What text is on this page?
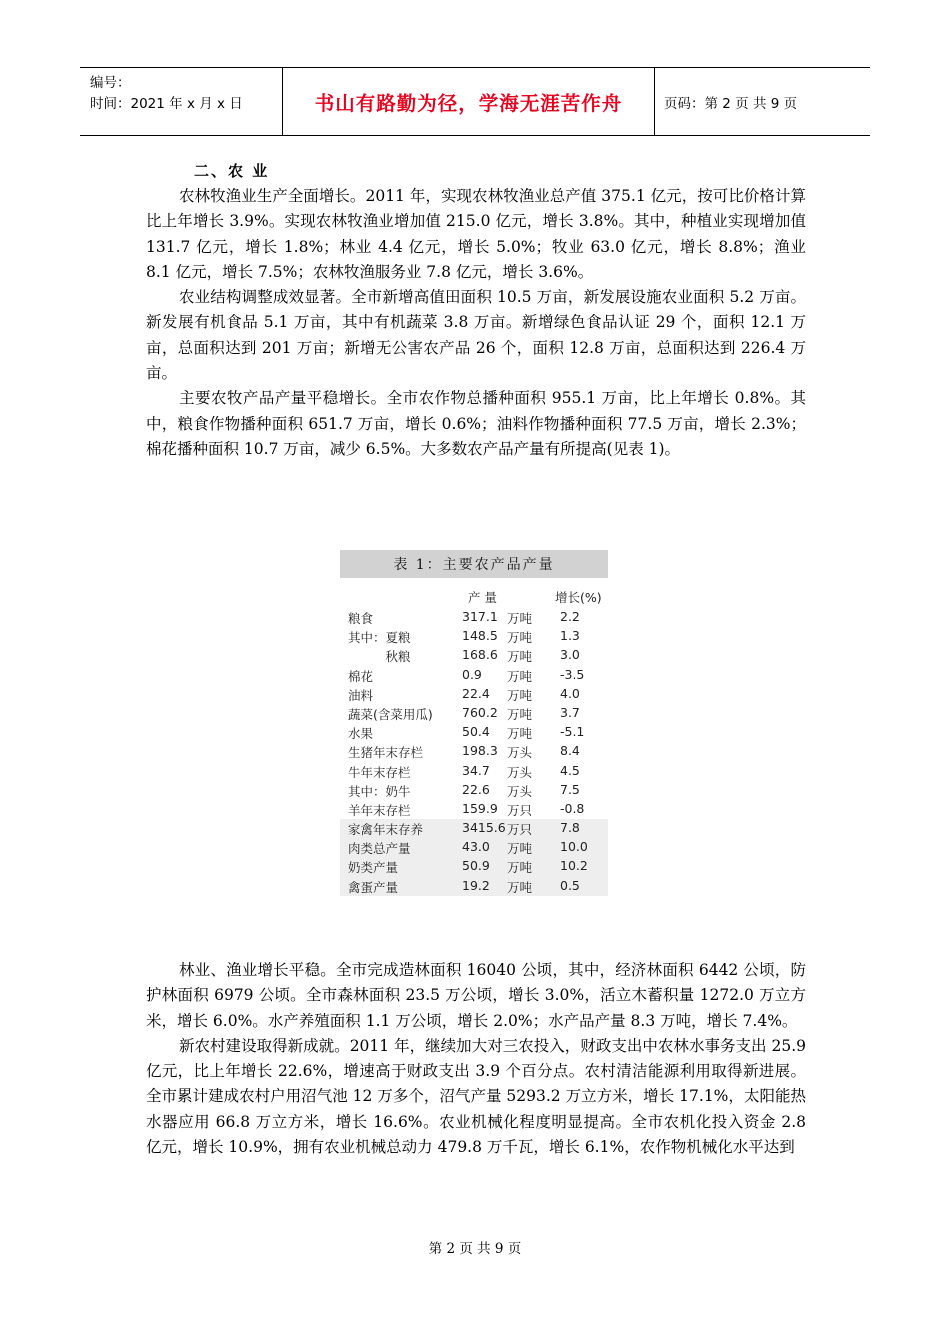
编号：
时间：2021 年 x 月 x 日	书山有路勤为径，学海无涯苦作舟	页码：第 2 页 共 9 页
二、农 业

农林牧渔业生产全面增长。2011 年，实现农林牧渔业总产值 375.1 亿元，按可比价格计算比上年增长 3.9%。实现农林牧渔业增加值 215.0 亿元，增长 3.8%。其中，种植业实现增加值 131.7 亿元，增长 1.8%；林业 4.4 亿元，增长 5.0%；牧业 63.0 亿元，增长 8.8%；渔业 8.1 亿元，增长 7.5%；农林牧渔服务业 7.8 亿元，增长 3.6%。

农业结构调整成效显著。全市新增高值田面积 10.5 万亩，新发展设施农业面积 5.2 万亩。新发展有机食品 5.1 万亩，其中有机蔬菜 3.8 万亩。新增绿色食品认证 29 个，面积 12.1 万亩，总面积达到 201 万亩；新增无公害农产品 26 个，面积 12.8 万亩，总面积达到 226.4 万亩。

主要农牧产品产量平稳增长。全市农作物总播种面积 955.1 万亩，比上年增长 0.8%。其中，粮食作物播种面积 651.7 万亩，增长 0.6%；油料作物播种面积 77.5 万亩，增长 2.3%；棉花播种面积 10.7 万亩，减少 6.5%。大多数农产品产量有所提高(见表 1)。

表 1：主要农产品产量
产 量	增长(%)
粮食	317.1 万吨 2.2
其中：夏粮	148.5 万吨 1.3
　　　秋粮	168.6 万吨 3.0
棉花	0.9 万吨 -3.5
油料	22.4 万吨 4.0
蔬菜(含菜用瓜) 760.2 万吨 3.7
水果	50.4 万吨 -5.1
生猪年末存栏	198.3 万头 8.4
牛年末存栏	34.7 万头 4.5
其中：奶牛	22.6 万头 7.5
羊年末存栏	159.9 万只 -0.8
家禽年末存养	3415.6 万只 7.8
肉类总产量	43.0 万吨 10.0
奶类产量	50.9 万吨 10.2
禽蛋产量	19.2 万吨 0.5

林业、渔业增长平稳。全市完成造林面积 16040 公顷，其中，经济林面积 6442 公顷，防护林面积 6979 公顷。全市森林面积 23.5 万公顷，增长 3.0%，活立木蓄积量 1272.0 万立方米，增长 6.0%。水产养殖面积 1.1 万公顷，增长 2.0%；水产品产量 8.3 万吨，增长 7.4%。

新农村建设取得新成就。2011 年，继续加大对三农投入，财政支出中农林水事务支出 25.9 亿元，比上年增长 22.6%，增速高于财政支出 3.9 个百分点。农村清洁能源利用取得新进展。全市累计建成农村户用沼气池 12 万多个，沼气产量 5293.2 万立方米，增长 17.1%，太阳能热水器应用 66.8 万立方米，增长 16.6%。农业机械化程度明显提高。全市农机化投入资金 2.8 亿元，增长 10.9%，拥有农业机械总动力 479.8 万千瓦，增长 6.1%，农作物机械化水平达到

第 2 页 共 9 页
